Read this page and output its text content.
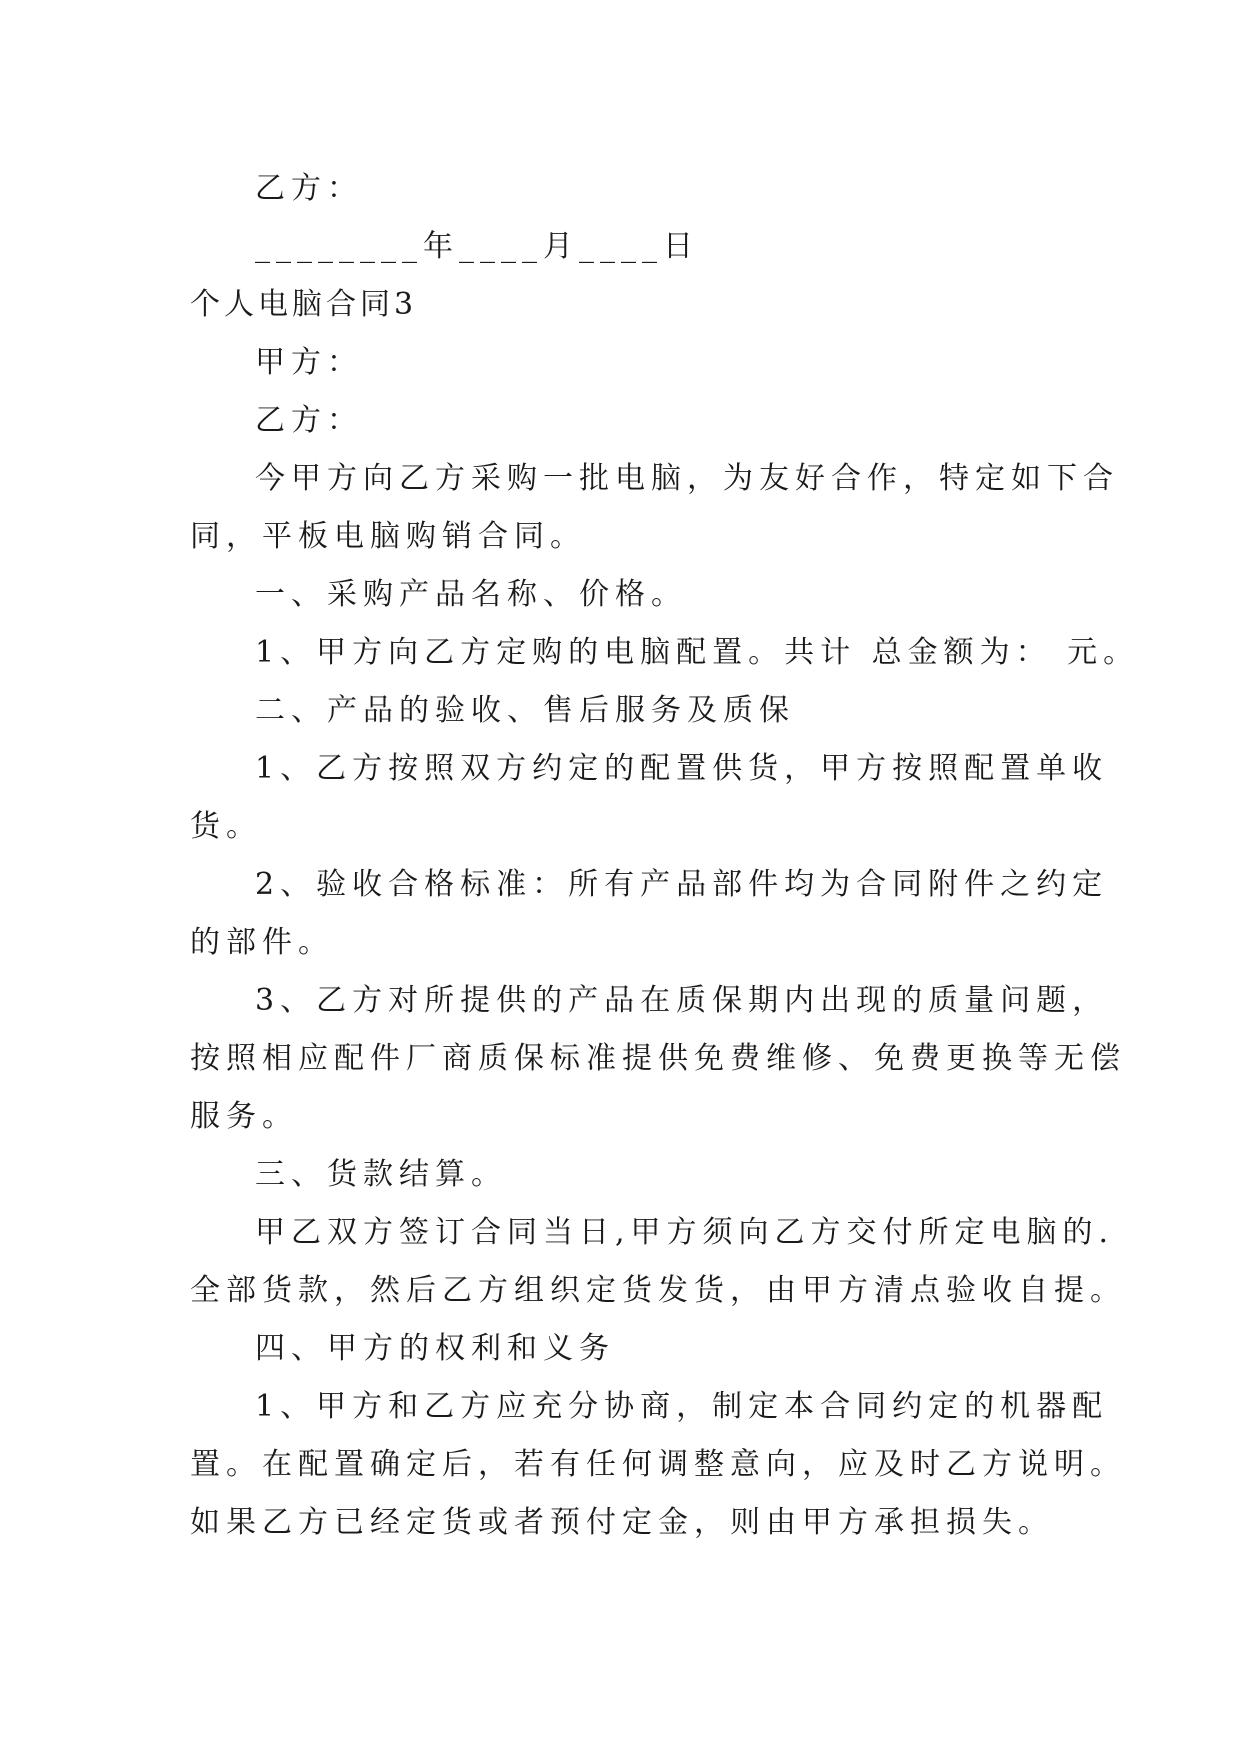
乙方：
________年____月____日
个人电脑合同3
甲方：
乙方：
今甲方向乙方采购一批电脑，为友好合作，特定如下合
同，平板电脑购销合同。
一、采购产品名称、价格。
1、甲方向乙方定购的电脑配置。共计 总金额为： 元。
二、产品的验收、售后服务及质保
1、乙方按照双方约定的配置供货，甲方按照配置单收
货。
2、验收合格标准：所有产品部件均为合同附件之约定
的部件。
3、乙方对所提供的产品在质保期内出现的质量问题，
按照相应配件厂商质保标准提供免费维修、免费更换等无偿
服务。
三、货款结算。
甲乙双方签订合同当日,甲方须向乙方交付所定电脑的.
全部货款，然后乙方组织定货发货，由甲方清点验收自提。
四、甲方的权利和义务
1、甲方和乙方应充分协商，制定本合同约定的机器配
置。在配置确定后，若有任何调整意向，应及时乙方说明。
如果乙方已经定货或者预付定金，则由甲方承担损失。
